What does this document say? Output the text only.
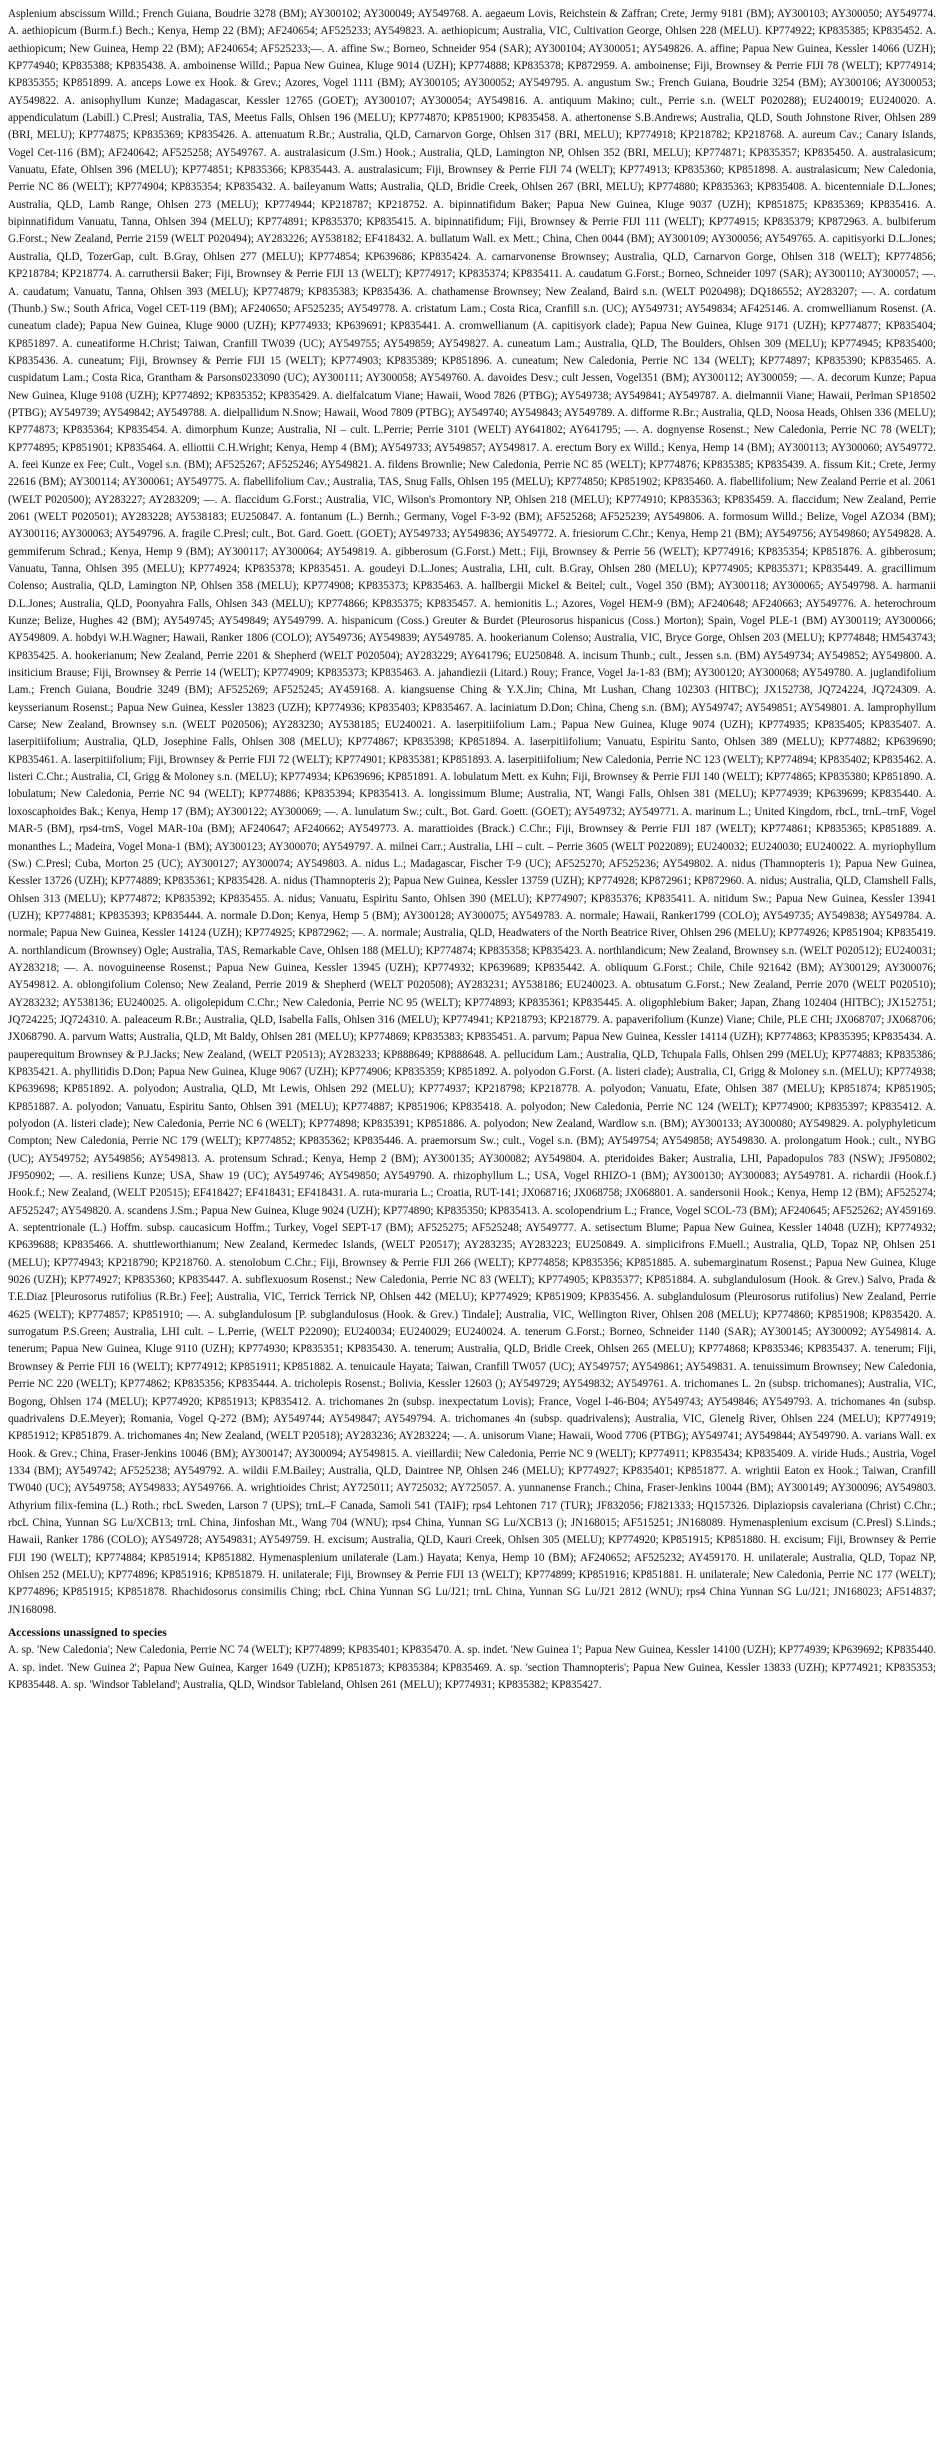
Asplenium abscissum Willd.; French Guiana, Boudrie 3278 (BM); AY300102; AY300049; AY549768. A. aegaeum Lovis, Reichstein & Zaffran; Crete, Jermy 9181 (BM); AY300103; AY300050; AY549774. A. aethiopicum (Burm.f.) Bech.; Kenya, Hemp 22 (BM); AF240654; AF525233; AY549823. A. aethiopicum; Australia, VIC, Cultivation George, Ohlsen 228 (MELU). KP774922; KP835385; KP835452. A. aethiopicum; New Guinea, Hemp 22 (BM); AF240654; AF525233;—. A. affine Sw.; Borneo, Schneider 954 (SAR); AY300104; AY300051; AY549826. A. affine; Papua New Guinea, Kessler 14066 (UZH); KP774940; KP835388; KP835438. A. amboinense Willd.; Papua New Guinea, Kluge 9014 (UZH); KP774888; KP835378; KP872959. A. amboinense; Fiji, Brownsey & Perrie FIJI 78 (WELT); KP774914; KP835355; KP851899. A. anceps Lowe ex Hook. & Grev.; Azores, Vogel 1111 (BM); AY300105; AY300052; AY549795. A. angustum Sw.; French Guiana, Boudrie 3254 (BM); AY300106; AY300053; AY549822. A. anisophyllum Kunze; Madagascar, Kessler 12765 (GOET); AY300107; AY300054; AY549816. A. antiquum Makino; cult., Perrie s.n. (WELT P020288); EU240019; EU240020. A. appendiculatum (Labill.) C.Presl; Australia, TAS, Meetus Falls, Ohlsen 196 (MELU); KP774870; KP851900; KP835458. A. athertonense S.B.Andrews; Australia, QLD, South Johnstone River, Ohlsen 289 (BRI, MELU); KP774875; KP835369; KP835426. A. attenuatum R.Br.; Australia, QLD, Carnarvon Gorge, Ohlsen 317 (BRI, MELU); KP774918; KP218782; KP218768. A. aureum Cav.; Canary Islands, Vogel Cet-116 (BM); AF240642; AF525258; AY549767. A. australasicum (J.Sm.) Hook.; Australia, QLD, Lamington NP, Ohlsen 352 (BRI, MELU); KP774871; KP835357; KP835450. A. australasicum; Vanuatu, Efate, Ohlsen 396 (MELU); KP774851; KP835366; KP835443. A. australasicum; Fiji, Brownsey & Perrie FIJI 74 (WELT); KP774913; KP835360; KP851898. A. australasicum; New Caledonia, Perrie NC 86 (WELT); KP774904; KP835354; KP835432. A. baileyanum Watts; Australia, QLD, Bridle Creek, Ohlsen 267 (BRI, MELU); KP774880; KP835363; KP835408. A. bicentenniale D.L.Jones; Australia, QLD, Lamb Range, Ohlsen 273 (MELU); KP774944; KP218787; KP218752. A. bipinnatifidum Baker; Papua New Guinea, Kluge 9037 (UZH); KP851875; KP835369; KP835416. A. bipinnatifidum Vanuatu, Tanna, Ohlsen 394 (MELU); KP774891; KP835370; KP835415. A. bipinnatifidum; Fiji, Brownsey & Perrie FIJI 111 (WELT); KP774915; KP835379; KP872963. A. bulbiferum G.Forst.; New Zealand, Perrie 2159 (WELT P020494); AY283226; AY538182; EF418432. A. bullatum Wall. ex Mett.; China, Chen 0044 (BM); AY300109; AY300056; AY549765. A. capitisyorki D.L.Jones; Australia, QLD, TozerGap, cult. B.Gray, Ohlsen 277 (MELU); KP774854; KP639686; KP835424. A. carnarvonense Brownsey; Australia, QLD, Carnarvon Gorge, Ohlsen 318 (WELT); KP774856; KP218784; KP218774. A. carruthersii Baker; Fiji, Brownsey & Perrie FIJI 13 (WELT); KP774917; KP835374; KP835411. A. caudatum G.Forst.; Borneo, Schneider 1097 (SAR); AY300110; AY300057; —. A. caudatum; Vanuatu, Tanna, Ohlsen 393 (MELU); KP774879; KP835383; KP835436. A. chathamense Brownsey; New Zealand, Baird s.n. (WELT P020498); DQ186552; AY283207; —. A. cordatum (Thunb.) Sw.; South Africa, Vogel CET-119 (BM); AF240650; AF525235; AY549778. A. cristatum Lam.; Costa Rica, Cranfill s.n. (UC); AY549731; AY549834; AF425146. A. cromwellianum Rosenst. (A. cuneatum clade); Papua New Guinea, Kluge 9000 (UZH); KP774933; KP639691; KP835441. A. cromwellianum (A. capitisyork clade); Papua New Guinea, Kluge 9171 (UZH); KP774877; KP835404; KP851897. A. cuneatiforme H.Christ; Taiwan, Cranfill TW039 (UC); AY549755; AY549859; AY549827. A. cuneatum Lam.; Australia, QLD, The Boulders, Ohlsen 309 (MELU); KP774945; KP835400; KP835436. A. cuneatum; Fiji, Brownsey & Perrie FIJI 15 (WELT); KP774903; KP835389; KP851896. A. cuneatum; New Caledonia, Perrie NC 134 (WELT); KP774897; KP835390; KP835465. A. cuspidatum Lam.; Costa Rica, Grantham & Parsons0233090 (UC); AY300111; AY300058; AY549760. A. davoides Desv.; cult Jessen, Vogel351 (BM); AY300112; AY300059; —. A. decorum Kunze; Papua New Guinea, Kluge 9108 (UZH); KP774892; KP835352; KP835429. A. dielfalcatum Viane; Hawaii, Wood 7826 (PTBG); AY549738; AY549841; AY549787. A. dielmannii Viane; Hawaii, Perlman SP18502 (PTBG); AY549739; AY549842; AY549788. A. dielpallidum N.Snow; Hawaii, Wood 7809 (PTBG); AY549740; AY549843; AY549789. A. difforme R.Br.; Australia, QLD, Noosa Heads, Ohlsen 336 (MELU); KP774873; KP835364; KP835454. A. dimorphum Kunze; Australia, NI – cult. L.Perrie; Perrie 3101 (WELT) AY641802; AY641795; —. A. dognyense Rosenst.; New Caledonia, Perrie NC 78 (WELT); KP774895; KP851901; KP835464. A. elliottii C.H.Wright; Kenya, Hemp 4 (BM); AY549733; AY549857; AY549817. A. erectum Bory ex Willd.; Kenya, Hemp 14 (BM); AY300113; AY300060; AY549772. A. feei Kunze ex Fee; Cult., Vogel s.n. (BM); AF525267; AF525246; AY549821. A. fildens Brownlie; New Caledonia, Perrie NC 85 (WELT); KP774876; KP835385; KP835439. A. fissum Kit.; Crete, Jermy 22616 (BM); AY300114; AY300061; AY549775. A. flabellifolium Cav.; Australia, TAS, Snug Falls, Ohlsen 195 (MELU); KP774850; KP851902; KP835460. A. flabellifolium; New Zealand Perrie et al. 2061 (WELT P020500); AY283227; AY283209; —. A. flaccidum G.Forst.; Australia, VIC, Wilson's Promontory NP, Ohlsen 218 (MELU); KP774910; KP835363; KP835459. A. flaccidum; New Zealand, Perrie 2061 (WELT P020501); AY283228; AY538183; EU250847. A. fontanum (L.) Bernh.; Germany, Vogel F-3-92 (BM); AF525268; AF525239; AY549806. A. formosum Willd.; Belize, Vogel AZO34 (BM); AY300116; AY300063; AY549796. A. fragile C.Presl; cult., Bot. Gard. Goett. (GOET); AY549733; AY549836; AY549772. A. friesiorum C.Chr.; Kenya, Hemp 21 (BM); AY549756; AY549860; AY549828. A. gemmiferum Schrad.; Kenya, Hemp 9 (BM); AY300117; AY300064; AY549819. A. gibberosum (G.Forst.) Mett.; Fiji, Brownsey & Perrie 56 (WELT); KP774916; KP835354; KP851876. A. gibberosum; Vanuatu, Tanna, Ohlsen 395 (MELU); KP774924; KP835378; KP835451. A. goudeyi D.L.Jones; Australia, LHI, cult. B.Gray, Ohlsen 280 (MELU); KP774905; KP835371; KP835449. A. gracillimum Colenso; Australia, QLD, Lamington NP, Ohlsen 358 (MELU); KP774908; KP835373; KP835463. A. hallbergii Mickel & Beitel; cult., Vogel 350 (BM); AY300118; AY300065; AY549798. A. harmanii D.L.Jones; Australia, QLD, Poonyahra Falls, Ohlsen 343 (MELU); KP774866; KP835375; KP835457. A. hemionitis L.; Azores, Vogel HEM-9 (BM); AF240648; AF240663; AY549776. A. heterochroum Kunze; Belize, Hughes 42 (BM); AY549745; AY549849; AY549799. A. hispanicum (Coss.) Greuter & Burdet (Pleurosorus hispanicus (Coss.) Morton); Spain, Vogel PLE-1 (BM) AY300119; AY300066; AY549809. A. hobdyi W.H.Wagner; Hawaii, Ranker 1806 (COLO); AY549736; AY549839; AY549785. A. hookerianum Colenso; Australia, VIC, Bryce Gorge, Ohlsen 203 (MELU); KP774848; HM543743; KP835425. A. hookerianum; New Zealand, Perrie 2201 & Shepherd (WELT P020504); AY283229; AY641796; EU250848. A. incisum Thunb.; cult., Jessen s.n. (BM) AY549734; AY549852; AY549800. A. insiticium Brause; Fiji, Brownsey & Perrie 14 (WELT); KP774909; KP835373; KP835463. A. jahandiezii (Litard.) Rouy; France, Vogel Ja-1-83 (BM); AY300120; AY300068; AY549780. A. juglandifolium Lam.; French Guiana, Boudrie 3249 (BM); AF525269; AF525245; AY459168. A. kiangsuense Ching & Y.X.Jin; China, Mt Lushan, Chang 102303 (HITBC); JX152738, JQ724224, JQ724309. A. keysserianum Rosenst.; Papua New Guinea, Kessler 13823 (UZH); KP774936; KP835403; KP835467. A. laciniatum D.Don; China, Cheng s.n. (BM); AY549747; AY549851; AY549801. A. lamprophyllum Carse; New Zealand, Brownsey s.n. (WELT P020506); AY283230; AY538185; EU240021. A. laserpitiifolium Lam.; Papua New Guinea, Kluge 9074 (UZH); KP774935; KP835405; KP835407. A. laserpitiifolium; Australia, QLD, Josephine Falls, Ohlsen 308 (MELU); KP774867; KP835398; KP851894. A. laserpitiifolium; Vanuatu, Espiritu Santo, Ohlsen 389 (MELU); KP774882; KP639690; KP835461. A. laserpitiifolium; Fiji, Brownsey & Perrie FIJI 72 (WELT); KP774901; KP835381; KP851893. A. laserpitiifolium; New Caledonia, Perrie NC 123 (WELT); KP774894; KP835402; KP835462. A. listeri C.Chr.; Australia, CI, Grigg & Moloney s.n. (MELU); KP774934; KP639696; KP851891. A. lobulatum Mett. ex Kuhn; Fiji, Brownsey & Perrie FIJI 140 (WELT); KP774865; KP835380; KP851890. A. lobulatum; New Caledonia, Perrie NC 94 (WELT); KP774886; KP835394; KP835413. A. longissimum Blume; Australia, NT, Wangi Falls, Ohlsen 381 (MELU); KP774939; KP639699; KP835440. A. loxoscaphoides Bak.; Kenya, Hemp 17 (BM); AY300122; AY300069; —. A. lunulatum Sw.; cult., Bot. Gard. Goett. (GOET); AY549732; AY549771. A. marinum L.; United Kingdom, rbcL, trnL–trnF, Vogel MAR-5 (BM), rps4-trnS, Vogel MAR-10a (BM); AF240647; AF240662; AY549773. A. marattioides (Brack.) C.Chr.; Fiji, Brownsey & Perrie FIJI 187 (WELT); KP774861; KP835365; KP851889. A. monanthes L.; Madeira, Vogel Mona-1 (BM); AY300123; AY300070; AY549797. A. milnei Carr.; Australia, LHI – cult. – Perrie 3605 (WELT P022089); EU240032; EU240030; EU240022. A. myriophyllum (Sw.) C.Presl; Cuba, Morton 25 (UC); AY300127; AY300074; AY549803. A. nidus L.; Madagascar, Fischer T-9 (UC); AF525270; AF525236; AY549802. A. nidus (Thamnopteris 1); Papua New Guinea, Kessler 13726 (UZH); KP774889; KP835361; KP835428. A. nidus (Thamnopteris 2); Papua New Guinea, Kessler 13759 (UZH); KP774928; KP872961; KP872960. A. nidus; Australia, QLD, Clamshell Falls, Ohlsen 313 (MELU); KP774872; KP835392; KP835455. A. nidus; Vanuatu, Espiritu Santo, Ohlsen 390 (MELU); KP774907; KP835376; KP835411. A. nitidum Sw.; Papua New Guinea, Kessler 13941 (UZH); KP774881; KP835393; KP835444. A. normale D.Don; Kenya, Hemp 5 (BM); AY300128; AY300075; AY549783. A. normale; Hawaii, Ranker1799 (COLO); AY549735; AY549838; AY549784. A. normale; Papua New Guinea, Kessler 14124 (UZH); KP774925; KP872962; —. A. normale; Australia, QLD, Headwaters of the North Beatrice River, Ohlsen 296 (MELU); KP774926; KP851904; KP835419. A. northlandicum (Brownsey) Ogle; Australia, TAS, Remarkable Cave, Ohlsen 188 (MELU); KP774874; KP835358; KP835423. A. northlandicum; New Zealand, Brownsey s.n. (WELT P020512); EU240031; AY283218; —. A. novoguineense Rosenst.; Papua New Guinea, Kessler 13945 (UZH); KP774932; KP639689; KP835442. A. obliquum G.Forst.; Chile, Chile 921642 (BM); AY300129; AY300076; AY549812. A. oblongifolium Colenso; New Zealand, Perrie 2019 & Shepherd (WELT P020508); AY283231; AY538186; EU240023. A. obtusatum G.Forst.; New Zealand, Perrie 2070 (WELT P020510); AY283232; AY538136; EU240025. A. oligolepidum C.Chr.; New Caledonia, Perrie NC 95 (WELT); KP774893; KP835361; KP835445. A. oligophlebium Baker; Japan, Zhang 102404 (HITBC); JX152751; JQ724225; JQ724310. A. paleaceum R.Br.; Australia, QLD, Isabella Falls, Ohlsen 316 (MELU); KP774941; KP218793; KP218779. A. papaverifolium (Kunze) Viane; Chile, PLE CHI; JX068707; JX068706; JX068790. A. parvum Watts; Australia, QLD, Mt Baldy, Ohlsen 281 (MELU); KP774869; KP835383; KP835451. A. parvum; Papua New Guinea, Kessler 14114 (UZH); KP774863; KP835395; KP835434. A. pauperequitum Brownsey & P.J.Jacks; New Zealand, (WELT P20513); AY283233; KP888649; KP888648. A. pellucidum Lam.; Australia, QLD, Tchupala Falls, Ohlsen 299 (MELU); KP774883; KP835386; KP835421. A. phyllitidis D.Don; Papua New Guinea, Kluge 9067 (UZH); KP774906; KP835359; KP851892. A. polyodon G.Forst. (A. listeri clade); Australia, CI, Grigg & Moloney s.n. (MELU); KP774938; KP639698; KP851892. A. polyodon; Australia, QLD, Mt Lewis, Ohlsen 292 (MELU); KP774937; KP218798; KP218778. A. polyodon; Vanuatu, Efate, Ohlsen 387 (MELU); KP851874; KP851905; KP851887. A. polyodon; Vanuatu, Espiritu Santo, Ohlsen 391 (MELU); KP774887; KP851906; KP835418. A. polyodon; New Caledonia, Perrie NC 124 (WELT); KP774900; KP835397; KP835412. A. polyodon (A. listeri clade); New Caledonia, Perrie NC 6 (WELT); KP774898; KP835391; KP851886. A. polyodon; New Zealand, Wardlow s.n. (BM); AY300133; AY300080; AY549829. A. polyphyleticum Compton; New Caledonia, Perrie NC 179 (WELT); KP774852; KP835362; KP835446. A. praemorsum Sw.; cult., Vogel s.n. (BM); AY549754; AY549858; AY549830. A. prolongatum Hook.; cult., NYBG (UC); AY549752; AY549856; AY549813. A. protensum Schrad.; Kenya, Hemp 2 (BM); AY300135; AY300082; AY549804. A. pteridoides Baker; Australia, LHI, Papadopulos 783 (NSW); JF950802; JF950902; —. A. resiliens Kunze; USA, Shaw 19 (UC); AY549746; AY549850; AY549790. A. rhizophyllum L.; USA, Vogel RHIZO-1 (BM); AY300130; AY300083; AY549781. A. richardii (Hook.f.) Hook.f.; New Zealand, (WELT P20515); EF418427; EF418431; EF418431. A. ruta-muraria L.; Croatia, RUT-141; JX068716; JX068758; JX068801. A. sandersonii Hook.; Kenya, Hemp 12 (BM); AF525274; AF525247; AY549820. A. scandens J.Sm.; Papua New Guinea, Kluge 9024 (UZH); KP774890; KP835350; KP835413. A. scolopendrium L.; France, Vogel SCOL-73 (BM); AF240645; AF525262; AY459169. A. septentrionale (L.) Hoffm. subsp. caucasicum Hoffm.; Turkey, Vogel SEPT-17 (BM); AF525275; AF525248; AY549777. A. setisectum Blume; Papua New Guinea, Kessler 14048 (UZH); KP774932; KP639688; KP835466. A. shuttleworthianum; New Zealand, Kermedec Islands, (WELT P20517); AY283235; AY283223; EU250849. A. simplicifrons F.Muell.; Australia, QLD, Topaz NP, Ohlsen 251 (MELU); KP774943; KP218790; KP218760. A. stenolobum C.Chr.; Fiji, Brownsey & Perrie FIJI 266 (WELT); KP774858; KP835356; KP851885. A. subemarginatum Rosenst.; Papua New Guinea, Kluge 9026 (UZH); KP774927; KP835360; KP835447. A. subflexuosum Rosenst.; New Caledonia, Perrie NC 83 (WELT); KP774905; KP835377; KP851884. A. subglandulosum (Hook. & Grev.) Salvo, Prada & T.E.Diaz [Pleurosorus rutifolius (R.Br.) Fee]; Australia, VIC, Terrick Terrick NP, Ohlsen 442 (MELU); KP774929; KP851909; KP835456. A. subglandulosum (Pleurosorus rutifolius) New Zealand, Perrie 4625 (WELT); KP774857; KP851910; —. A. subglandulosum [P. subglandulosus (Hook. & Grev.) Tindale]; Australia, VIC, Wellington River, Ohlsen 208 (MELU); KP774860; KP851908; KP835420. A. surrogatum P.S.Green; Australia, LHI cult. – L.Perrie, (WELT P22090); EU240034; EU240029; EU240024. A. tenerum G.Forst.; Borneo, Schneider 1140 (SAR); AY300145; AY300092; AY549814. A. tenerum; Papua New Guinea, Kluge 9110 (UZH); KP774930; KP835351; KP835430. A. tenerum; Australia, QLD, Bridle Creek, Ohlsen 265 (MELU); KP774868; KP835346; KP835437. A. tenerum; Fiji, Brownsey & Perrie FIJI 16 (WELT); KP774912; KP851911; KP851882. A. tenuicaule Hayata; Taiwan, Cranfill TW057 (UC); AY549757; AY549861; AY549831. A. tenuissimum Brownsey; New Caledonia, Perrie NC 220 (WELT); KP774862; KP835356; KP835444. A. tricholepis Rosenst.; Bolivia, Kessler 12603 (); AY549729; AY549832; AY549761. A. trichomanes L. 2n (subsp. trichomanes); Australia, VIC, Bogong, Ohlsen 174 (MELU); KP774920; KP851913; KP835412. A. trichomanes 2n (subsp. inexpectatum Lovis); France, Vogel I-46-B04; AY549743; AY549846; AY549793. A. trichomanes 4n (subsp. quadrivalens D.E.Meyer); Romania, Vogel Q-272 (BM); AY549744; AY549847; AY549794. A. trichomanes 4n (subsp. quadrivalens); Australia, VIC, Glenelg River, Ohlsen 224 (MELU); KP774919; KP851912; KP851879. A. trichomanes 4n; New Zealand, (WELT P20518); AY283236; AY283224; —. A. unisorum Viane; Hawaii, Wood 7706 (PTBG); AY549741; AY549844; AY549790. A. varians Wall. ex Hook. & Grev.; China, Fraser-Jenkins 10046 (BM); AY300147; AY300094; AY549815. A. vieillardii; New Caledonia, Perrie NC 9 (WELT); KP774911; KP835434; KP835409. A. viride Huds.; Austria, Vogel 1334 (BM); AY549742; AF525238; AY549792. A. wildii F.M.Bailey; Australia, QLD, Daintree NP, Ohlsen 246 (MELU); KP774927; KP835401; KP851877. A. wrightii Eaton ex Hook.; Taiwan, Cranfill TW040 (UC); AY549758; AY549833; AY549766. A. wrightioides Christ; AY725011; AY725032; AY725057. A. yunnanense Franch.; China, Fraser-Jenkins 10044 (BM); AY300149; AY300096; AY549803. Athyrium filix-femina (L.) Roth.; rbcL Sweden, Larson 7 (UPS); trnL–F Canada, Samoli 541 (TAIF); rps4 Lehtonen 717 (TUR); JF832056; FJ821333; HQ157326. Diplaziopsis cavaleriana (Christ) C.Chr.; rbcL China, Yunnan SG Lu/XCB13; trnL China, Jinfoshan Mt., Wang 704 (WNU); rps4 China, Yunnan SG Lu/XCB13 (); JN168015; AF515251; JN168089. Hymenasplenium excisum (C.Presl) S.Linds.; Hawaii, Ranker 1786 (COLO); AY549728; AY549831; AY549759. H. excisum; Australia, QLD, Kauri Creek, Ohlsen 305 (MELU); KP774920; KP851915; KP851880. H. excisum; Fiji, Brownsey & Perrie FIJI 190 (WELT); KP774884; KP851914; KP851882. Hymenasplenium unilaterale (Lam.) Hayata; Kenya, Hemp 10 (BM); AF240652; AF525232; AY459170. H. unilaterale; Australia, QLD, Topaz NP, Ohlsen 252 (MELU); KP774896; KP851916; KP851879. H. unilaterale; Fiji, Brownsey & Perrie FIJI 13 (WELT); KP774899; KP851916; KP851881. H. unilaterale; New Caledonia, Perrie NC 177 (WELT); KP774896; KP851915; KP851878. Rhachidosorus consimilis Ching; rbcL China Yunnan SG Lu/J21; trnL China, Yunnan SG Lu/J21 2812 (WNU); rps4 China Yunnan SG Lu/J21; JN168023; AF514837; JN168098.

Accessions unassigned to species

A. sp. 'New Caledonia'; New Caledonia, Perrie NC 74 (WELT); KP774899; KP835401; KP835470. A. sp. indet. 'New Guinea 1'; Papua New Guinea, Kessler 14100 (UZH); KP774939; KP639692; KP835440. A. sp. indet. 'New Guinea 2'; Papua New Guinea, Karger 1649 (UZH); KP851873; KP835384; KP835469. A. sp. 'section Thamnopteris'; Papua New Guinea, Kessler 13833 (UZH); KP774921; KP835353; KP835448. A. sp. 'Windsor Tableland'; Australia, QLD, Windsor Tableland, Ohlsen 261 (MELU); KP774931; KP835382; KP835427.
